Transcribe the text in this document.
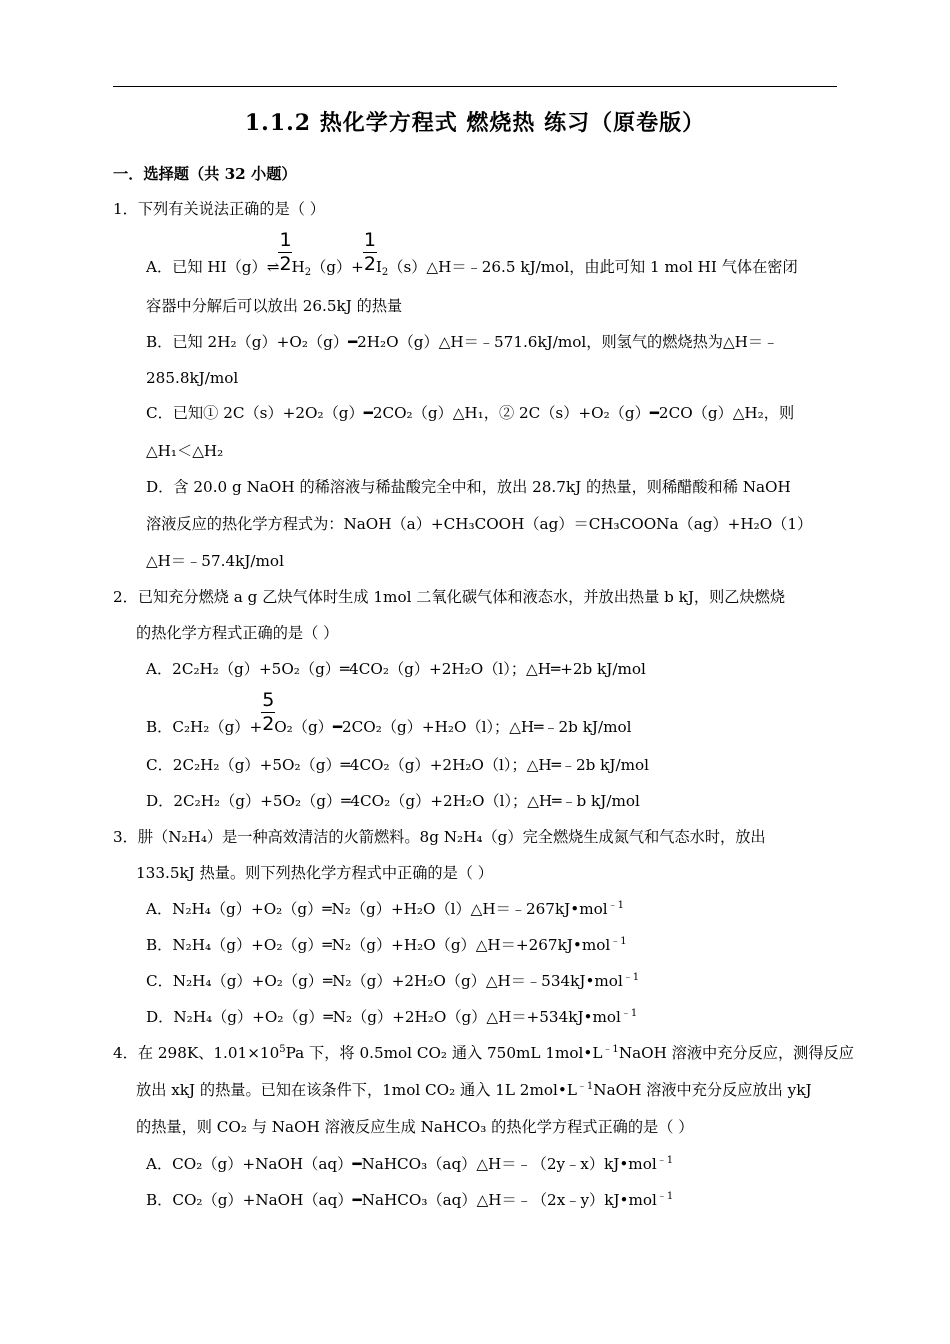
1.1.2 热化学方程式 燃烧热 练习（原卷版）
一．选择题（共 32 小题）
1．下列有关说法正确的是（ ）
A．已知 HI（g）⇌ $\frac{1}{2} H_2(g)+ \frac{1}{2}$ $I_2(s)\triangle H=﹣26.5$ kJ/mol，由此可知 1 mol HI 气体在密闭
容器中分解后可以放出 26.5kJ 的热量
B．已知 2H₂（g）+O₂（g）━2H₂O（g）△H＝﹣571.6kJ/mol，则氢气的燃烧热为△H＝﹣
285.8kJ/mol
C．已知① 2C（s）+2O₂（g）━2CO₂（g）△H₁，② 2C（s）+O₂（g）━2CO（g）△H₂，则
△H₁＜△H₂
D．含 20.0 g NaOH 的稀溶液与稀盐酸完全中和，放出 28.7kJ 的热量，则稀醋酸和稀 NaOH
溶液反应的热化学方程式为：NaOH（a）+CH₃COOH（ag）＝CH₃COONa（ag）+H₂O（1）
△H＝﹣57.4kJ/mol
2．已知充分燃烧 a g 乙炔气体时生成 1mol 二氧化碳气体和液态水，并放出热量 b kJ，则乙炔燃烧
的热化学方程式正确的是（ ）
A．2C₂H₂（g）+5O₂（g）═4CO₂（g）+2H₂O（l）；△H═+2b kJ/mol
B．$C_2H_2(g)+ \frac{5}{2}$ O₂（g）━2CO₂（g）+H₂O（l）；△H═﹣2b kJ/mol
C．2C₂H₂（g）+5O₂（g）═4CO₂（g）+2H₂O（l）；△H═﹣2b kJ/mol
D．2C₂H₂（g）+5O₂（g）═4CO₂（g）+2H₂O（l）；△H═﹣b kJ/mol
3．肼（N₂H₄）是一种高效清洁的火箭燃料。8g N₂H₄（g）完全燃烧生成氮气和气态水时，放出
133.5kJ 热量。则下列热化学方程式中正确的是（ ）
A．N₂H₄（g）+O₂（g）═N₂（g）+H₂O（l）△H＝﹣267kJ•mol$^{﹣1}$
B．N₂H₄（g）+O₂（g）═N₂（g）+H₂O（g）△H＝+267kJ•mol$^{﹣1}$
C．N₂H₄（g）+O₂（g）═N₂（g）+2H₂O（g）△H＝﹣534kJ•mol$^{﹣1}$
D．N₂H₄（g）+O₂（g）═N₂（g）+2H₂O（g）△H＝+534kJ•mol$^{﹣1}$
4．在 298K、$1.01\times 10^5Pa$ 下，将 0.5mol CO₂ 通入 750mL $1mol•L^{﹣1}NaOH$ 溶液中充分反应，测得反应
放出 xkJ 的热量。已知在该条件下，1mol CO₂ 通入 1L $2mol•L^{﹣1}NaOH$ 溶液中充分反应放出 ykJ
的热量，则 CO₂ 与 NaOH 溶液反应生成 NaHCO₃ 的热化学方程式正确的是（ ）
A．CO₂（g）+NaOH（aq）━NaHCO₃（aq）△H＝﹣（2y﹣x）kJ•mol$^{﹣1}$
B．CO₂（g）+NaOH（aq）━NaHCO₃（aq）△H＝﹣（2x﹣y）kJ•mol$^{﹣1}$
